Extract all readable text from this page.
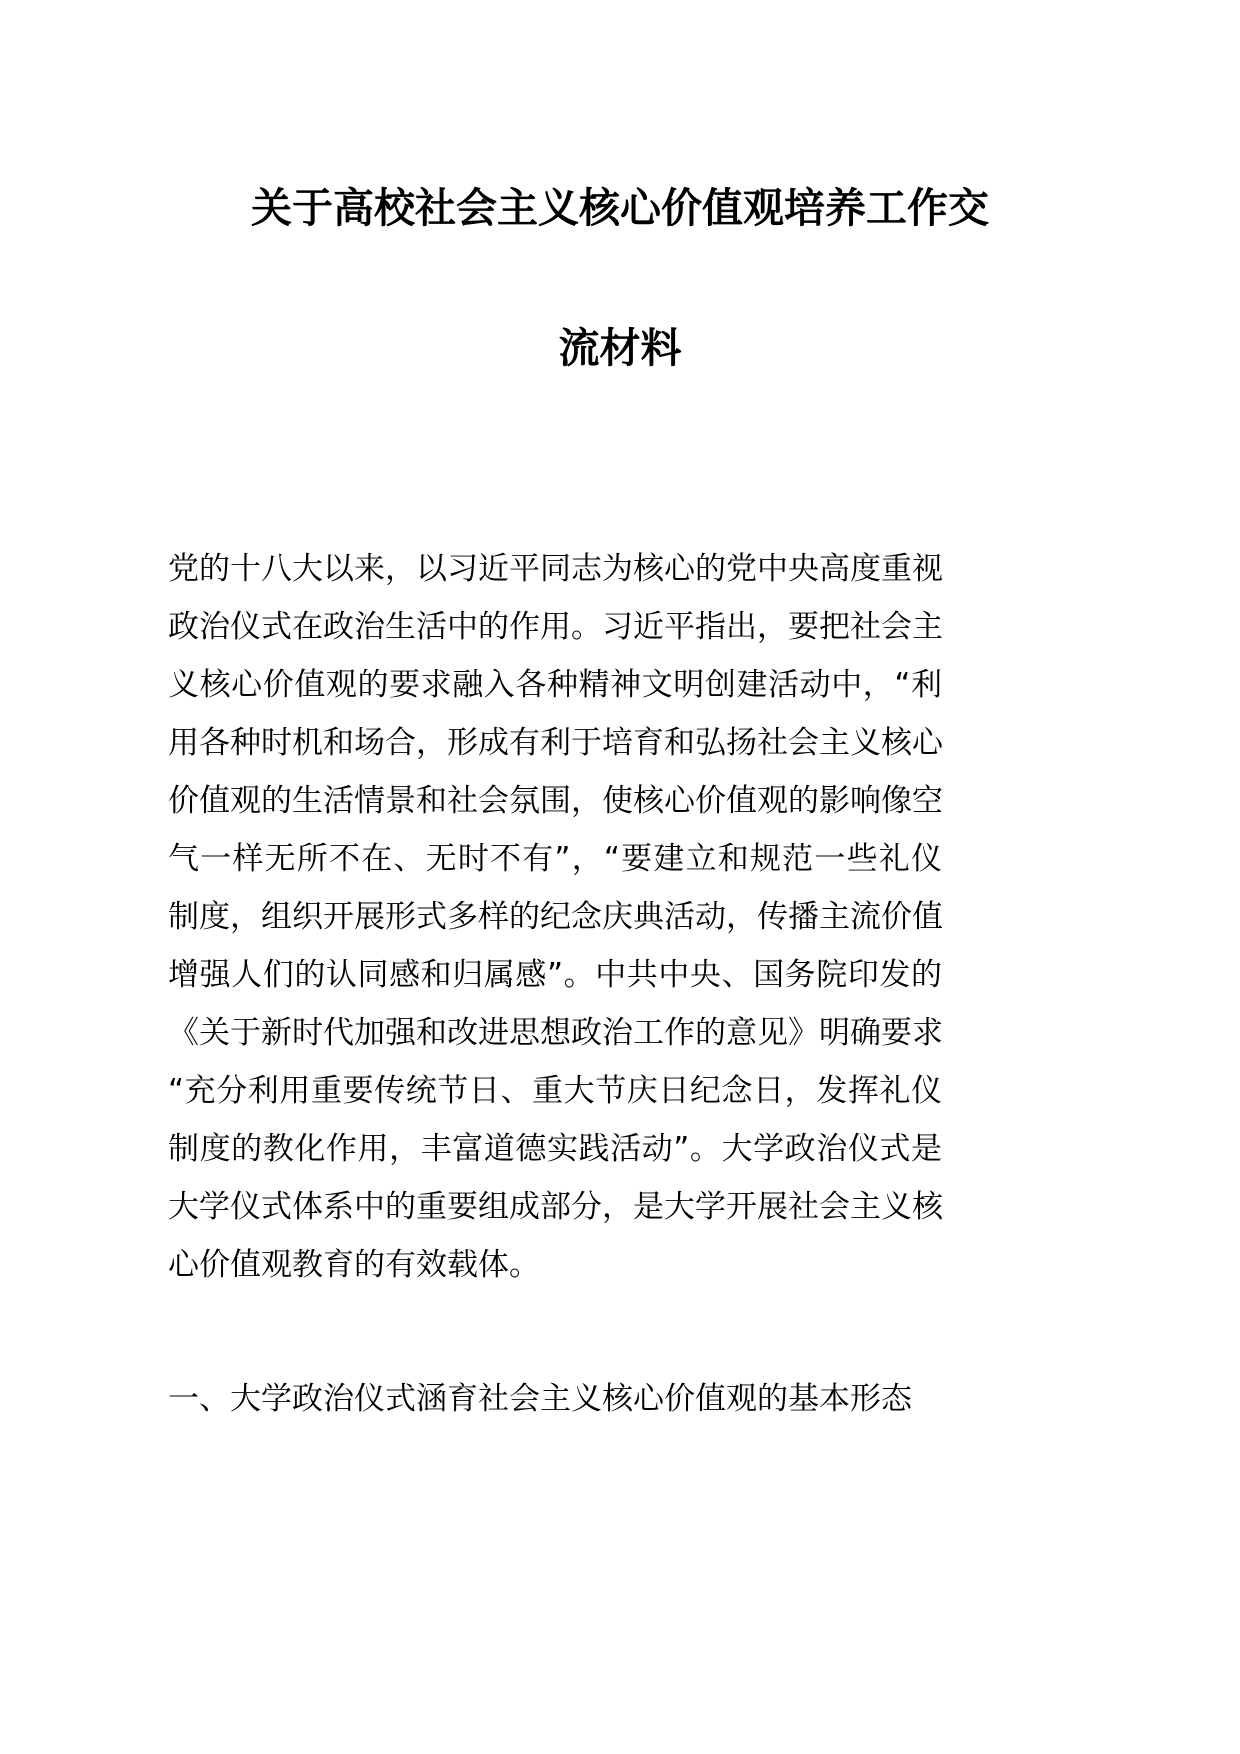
关于高校社会主义核心价值观培养工作交
流材料
党的十八大以来，以习近平同志为核心的党中央高度重视
政治仪式在政治生活中的作用。习近平指出，要把社会主
义核心价值观的要求融入各种精神文明创建活动中，“利
用各种时机和场合，形成有利于培育和弘扬社会主义核心
价值观的生活情景和社会氛围，使核心价值观的影响像空
气一样无所不在、无时不有”，“要建立和规范一些礼仪
制度，组织开展形式多样的纪念庆典活动，传播主流价值
增强人们的认同感和归属感”。中共中央、国务院印发的
《关于新时代加强和改进思想政治工作的意见》明确要求
“充分利用重要传统节日、重大节庆日纪念日，发挥礼仪
制度的教化作用，丰富道德实践活动”。大学政治仪式是
大学仪式体系中的重要组成部分，是大学开展社会主义核
心价值观教育的有效载体。
一、大学政治仪式涵育社会主义核心价值观的基本形态
